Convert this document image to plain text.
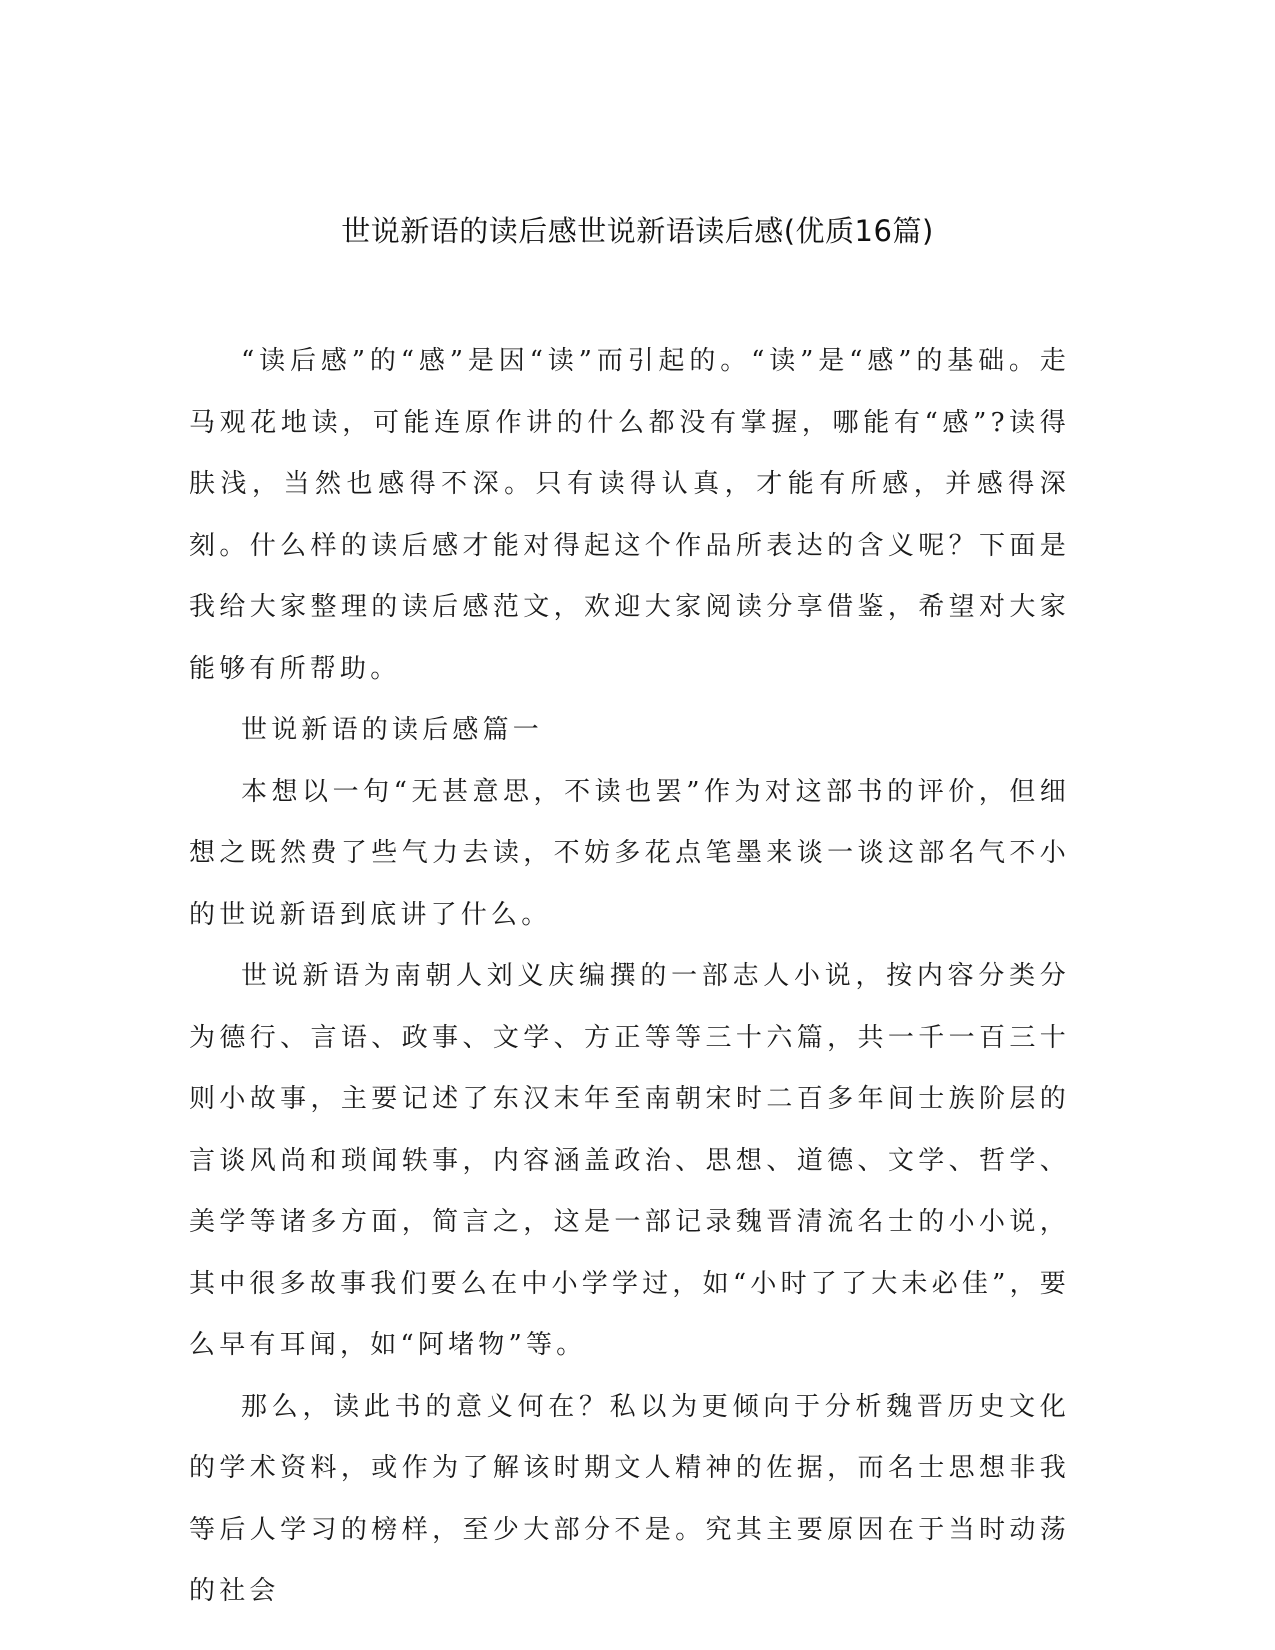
世说新语的读后感世说新语读后感(优质16篇)

“读后感”的“感”是因“读”而引起的。“读”是“感”的基础。走马观花地读，可能连原作讲的什么都没有掌握，哪能有“感”?读得肤浅，当然也感得不深。只有读得认真，才能有所感，并感得深刻。什么样的读后感才能对得起这个作品所表达的含义呢？下面是我给大家整理的读后感范文，欢迎大家阅读分享借鉴，希望对大家能够有所帮助。

世说新语的读后感篇一

本想以一句“无甚意思，不读也罢”作为对这部书的评价，但细想之既然费了些气力去读，不妨多花点笔墨来谈一谈这部名气不小的世说新语到底讲了什么。

世说新语为南朝人刘义庆编撰的一部志人小说，按内容分类分为德行、言语、政事、文学、方正等等三十六篇，共一千一百三十则小故事，主要记述了东汉末年至南朝宋时二百多年间士族阶层的言谈风尚和琐闻轶事，内容涵盖政治、思想、道德、文学、哲学、美学等诸多方面，简言之，这是一部记录魏晋清流名士的小小说，其中很多故事我们要么在中小学学过，如“小时了了大未必佳”，要么早有耳闻，如“阿堵物”等。

那么，读此书的意义何在？私以为更倾向于分析魏晋历史文化的学术资料，或作为了解该时期文人精神的佐据，而名士思想非我等后人学习的榜样，至少大部分不是。究其主要原因在于当时动荡的社会
